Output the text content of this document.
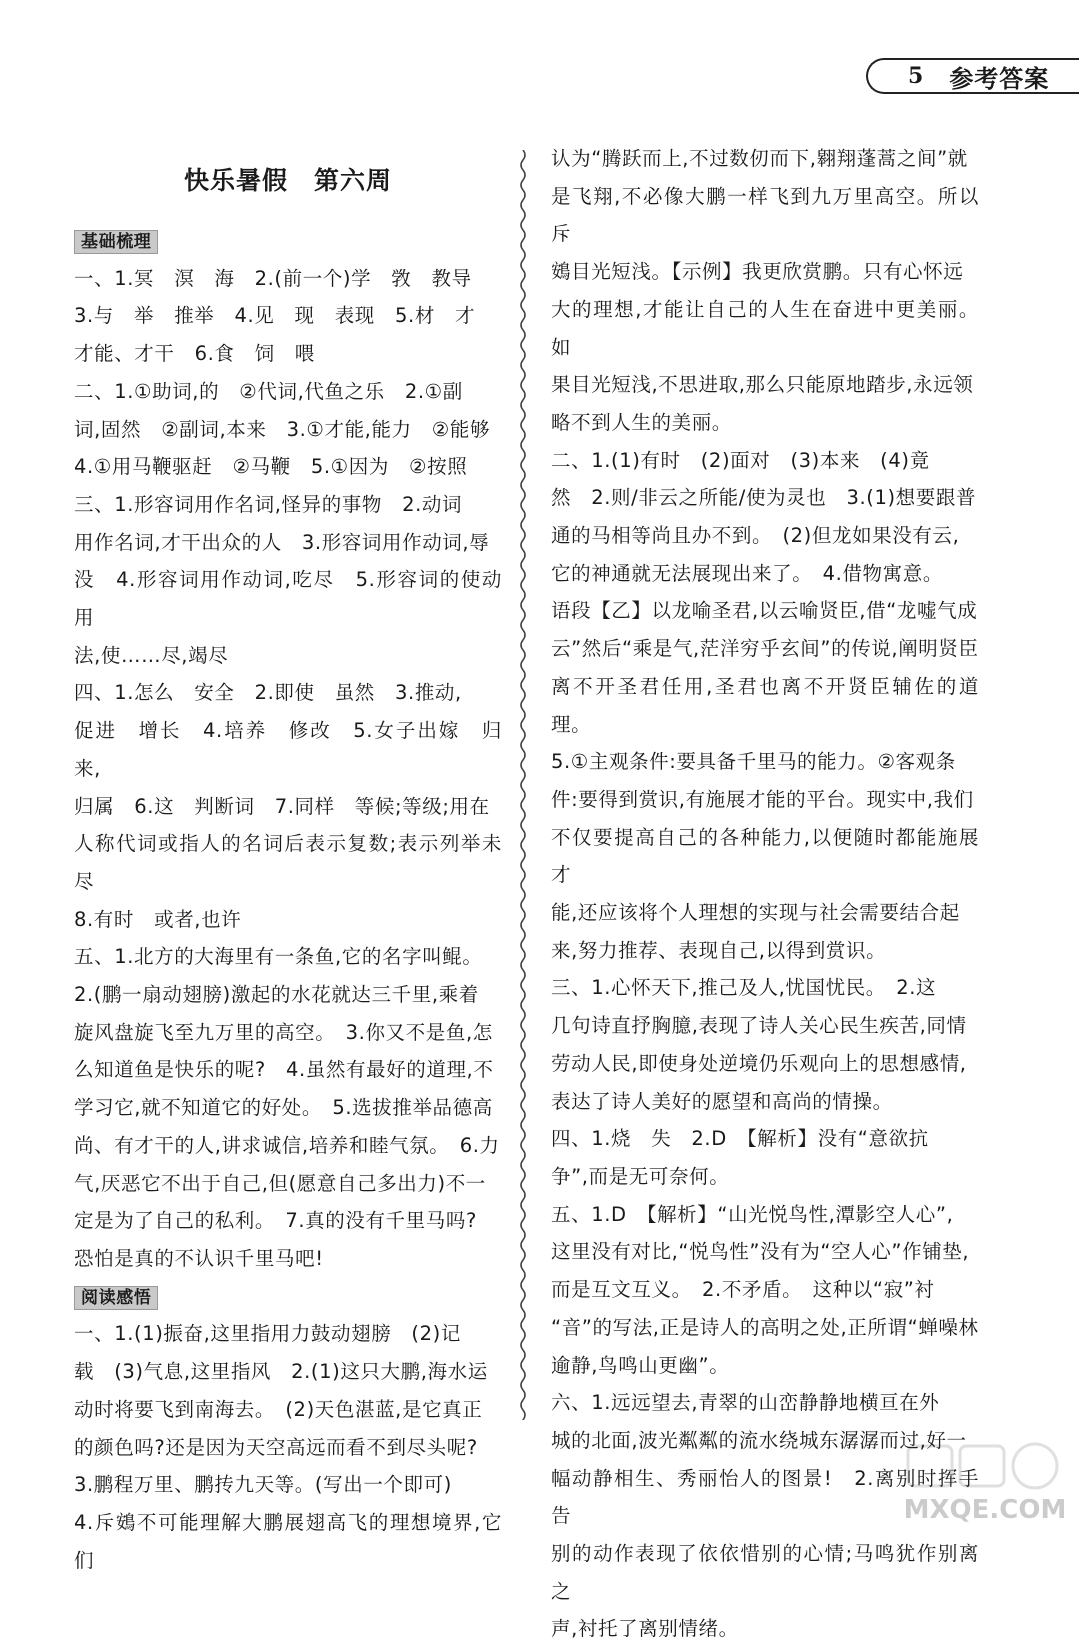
5 参考答案
快乐暑假　第六周
基础梳理
一、1.冥　溟　海　2.(前一个)学　敩　教导
3.与　举　推举　4.见　现　表现　5.材　才
才能、才干　6.食　饲　喂
二、1.①助词,的　②代词,代鱼之乐　2.①副
词,固然　②副词,本来　3.①才能,能力　②能够
4.①用马鞭驱赶　②马鞭　5.①因为　②按照
三、1.形容词用作名词,怪异的事物　2.动词
用作名词,才干出众的人　3.形容词用作动词,辱
没　4.形容词用作动词,吃尽　5.形容词的使动用
法,使……尽,竭尽
四、1.怎么　安全　2.即使　虽然　3.推动,
促进　增长　4.培养　修改　5.女子出嫁　归来,
归属　6.这　判断词　7.同样　等候;等级;用在
人称代词或指人的名词后表示复数;表示列举未尽
8.有时　或者,也许
五、1.北方的大海里有一条鱼,它的名字叫鲲。
2.(鹏一扇动翅膀)激起的水花就达三千里,乘着
旋风盘旋飞至九万里的高空。　3.你又不是鱼,怎
么知道鱼是快乐的呢?　4.虽然有最好的道理,不
学习它,就不知道它的好处。　5.选拔推举品德高
尚、有才干的人,讲求诚信,培养和睦气氛。　6.力
气,厌恶它不出于自己,但(愿意自己多出力)不一
定是为了自己的私利。　7.真的没有千里马吗?
恐怕是真的不认识千里马吧!
阅读感悟
一、1.(1)振奋,这里指用力鼓动翅膀　(2)记
载　(3)气息,这里指风　2.(1)这只大鹏,海水运
动时将要飞到南海去。　(2)天色湛蓝,是它真正
的颜色吗?还是因为天空高远而看不到尽头呢?
3.鹏程万里、鹏抟九天等。(写出一个即可)
4.斥鴳不可能理解大鹏展翅高飞的理想境界,它们
认为“腾跃而上,不过数仞而下,翱翔蓬蒿之间”就
是飞翔,不必像大鹏一样飞到九万里高空。所以斥
鴳目光短浅。【示例】我更欣赏鹏。只有心怀远
大的理想,才能让自己的人生在奋进中更美丽。如
果目光短浅,不思进取,那么只能原地踏步,永远领
略不到人生的美丽。
二、1.(1)有时　(2)面对　(3)本来　(4)竟
然　2.则/非云之所能/使为灵也　3.(1)想要跟普
通的马相等尚且办不到。　(2)但龙如果没有云,
它的神通就无法展现出来了。　4.借物寓意。
语段【乙】以龙喻圣君,以云喻贤臣,借“龙嘘气成
云”然后“乘是气,茫洋穷乎玄间”的传说,阐明贤臣
离不开圣君任用,圣君也离不开贤臣辅佐的道理。
5.①主观条件:要具备千里马的能力。②客观条
件:要得到赏识,有施展才能的平台。现实中,我们
不仅要提高自己的各种能力,以便随时都能施展才
能,还应该将个人理想的实现与社会需要结合起
来,努力推荐、表现自己,以得到赏识。
三、1.心怀天下,推己及人,忧国忧民。　2.这
几句诗直抒胸臆,表现了诗人关心民生疾苦,同情
劳动人民,即使身处逆境仍乐观向上的思想感情,
表达了诗人美好的愿望和高尚的情操。
四、1.烧　失　2.D　【解析】没有“意欲抗
争”,而是无可奈何。
五、1.D　【解析】“山光悦鸟性,潭影空人心”,
这里没有对比,“悦鸟性”没有为“空人心”作铺垫,
而是互文互义。　2.不矛盾。　这种以“寂”衬
“音”的写法,正是诗人的高明之处,正所谓“蝉噪林
逾静,鸟鸣山更幽”。
六、1.远远望去,青翠的山峦静静地横亘在外
城的北面,波光粼粼的流水绕城东潺潺而过,好一
幅动静相生、秀丽怡人的图景!　2.离别时挥手告
别的动作表现了依依惜别的心情;马鸣犹作别离之
声,衬托了离别情绪。
MXQE.COM
